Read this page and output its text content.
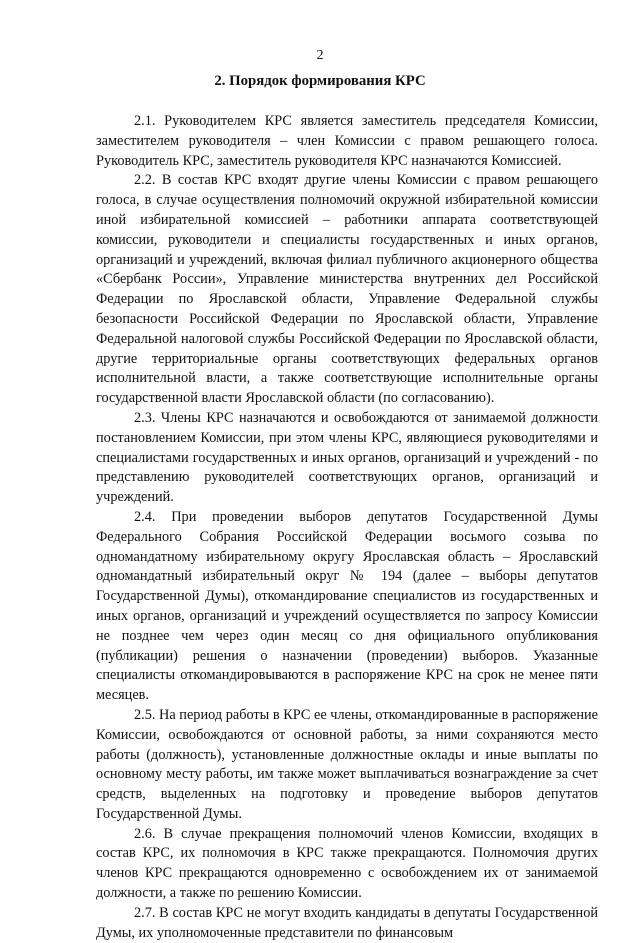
2
2. Порядок формирования КРС

2.1. Руководителем КРС является заместитель председателя Комиссии, заместителем руководителя – член Комиссии с правом решающего голоса. Руководитель КРС, заместитель руководителя КРС назначаются Комиссией.

2.2. В состав КРС входят другие члены Комиссии с правом решающего голоса, в случае осуществления полномочий окружной избирательной комиссии иной избирательной комиссией – работники аппарата соответствующей комиссии, руководители и специалисты государственных и иных органов, организаций и учреждений, включая филиал публичного акционерного общества «Сбербанк России», Управление министерства внутренних дел Российской Федерации по Ярославской области, Управление Федеральной службы безопасности Российской Федерации по Ярославской области, Управление Федеральной налоговой службы Российской Федерации по Ярославской области, другие территориальные органы соответствующих федеральных органов исполнительной власти, а также соответствующие исполнительные органы государственной власти Ярославской области (по согласованию).

2.3. Члены КРС назначаются и освобождаются от занимаемой должности постановлением Комиссии, при этом члены КРС, являющиеся руководителями и специалистами государственных и иных органов, организаций и учреждений - по представлению руководителей соответствующих органов, организаций и учреждений.

2.4. При проведении выборов депутатов Государственной Думы Федерального Собрания Российской Федерации восьмого созыва по одномандатному избирательному округу Ярославская область – Ярославский одномандатный избирательный округ № 194 (далее – выборы депутатов Государственной Думы), откомандирование специалистов из государственных и иных органов, организаций и учреждений осуществляется по запросу Комиссии не позднее чем через один месяц со дня официального опубликования (публикации) решения о назначении (проведении) выборов. Указанные специалисты откомандировываются в распоряжение КРС на срок не менее пяти месяцев.

2.5. На период работы в КРС ее члены, откомандированные в распоряжение Комиссии, освобождаются от основной работы, за ними сохраняются место работы (должность), установленные должностные оклады и иные выплаты по основному месту работы, им также может выплачиваться вознаграждение за счет средств, выделенных на подготовку и проведение выборов депутатов Государственной Думы.

2.6. В случае прекращения полномочий членов Комиссии, входящих в состав КРС, их полномочия в КРС также прекращаются. Полномочия других членов КРС прекращаются одновременно с освобождением их от занимаемой должности, а также по решению Комиссии.

2.7. В состав КРС не могут входить кандидаты в депутаты Государственной Думы, их уполномоченные представители по финансовым
